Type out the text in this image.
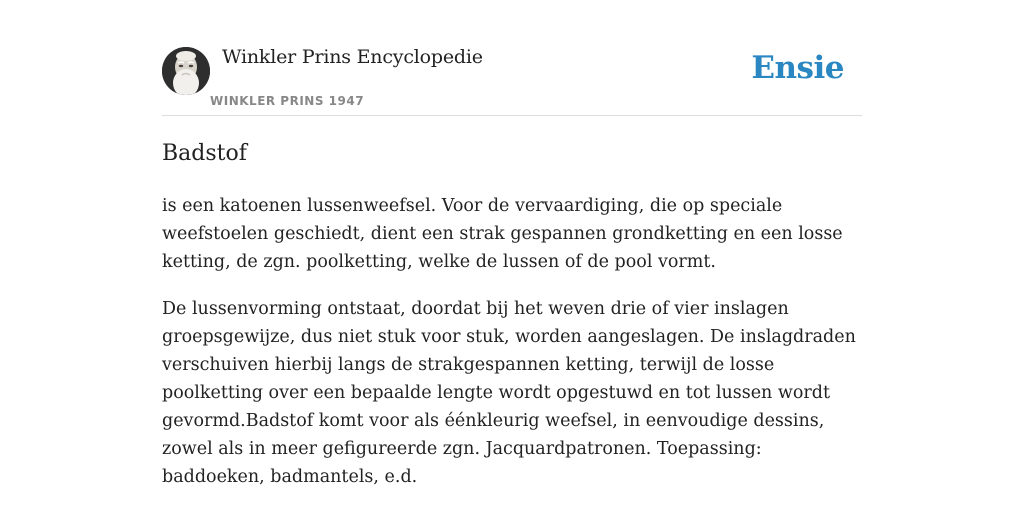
Winkler Prins Encyclopedie
WINKLER PRINS 1947
Ensie
Badstof

is een katoenen lussenweefsel. Voor de vervaardiging, die op speciale weefstoelen geschiedt, dient een strak gespannen grondketting en een losse ketting, de zgn. poolketting, welke de lussen of de pool vormt.

De lussenvorming ontstaat, doordat bij het weven drie of vier inslagen groepsgewijze, dus niet stuk voor stuk, worden aangeslagen. De inslagdraden verschuiven hierbij langs de strakgespannen ketting, terwijl de losse poolketting over een bepaalde lengte wordt opgestuwd en tot lussen wordt gevormd.Badstof komt voor als éénkleurig weefsel, in eenvoudige dessins, zowel als in meer gefigureerde zgn. Jacquardpatronen. Toepassing: baddoeken, badmantels, e.d.
